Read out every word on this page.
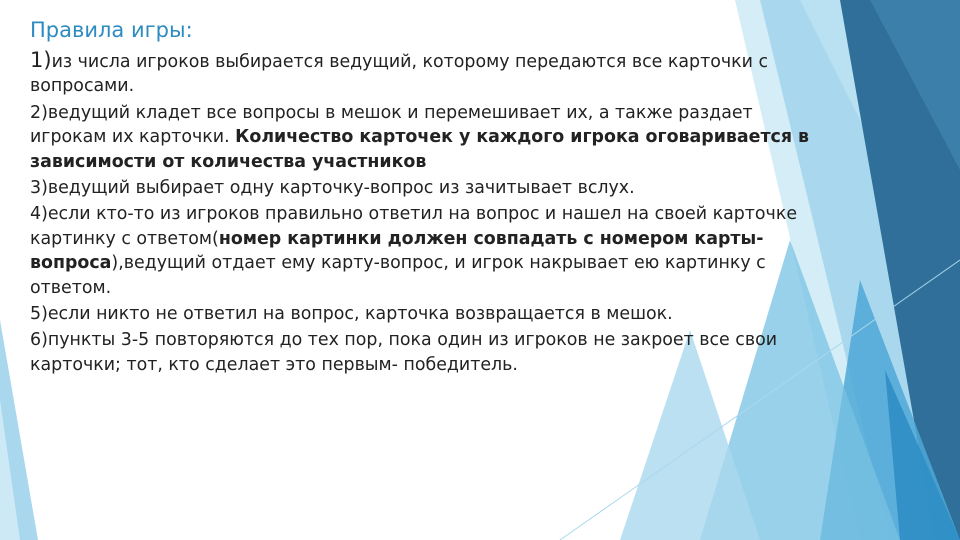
Правила игры:
1)из числа игроков выбирается ведущий, которому передаются все карточки с вопросами.
2)ведущий кладет все вопросы в мешок и перемешивает их, а также раздает игрокам их карточки. Количество карточек у каждого игрока оговаривается в зависимости от количества участников
3)ведущий выбирает одну карточку-вопрос из зачитывает вслух.
4)если кто-то из игроков правильно ответил на вопрос и нашел на своей карточке картинку с ответом(номер картинки должен совпадать с номером карты-вопроса),ведущий отдает ему карту-вопрос, и игрок накрывает ею картинку с ответом.
5)если никто не ответил на вопрос, карточка возвращается в мешок.
6)пункты 3-5 повторяются до тех пор, пока один из игроков не закроет все свои карточки; тот, кто сделает это первым- победитель.
